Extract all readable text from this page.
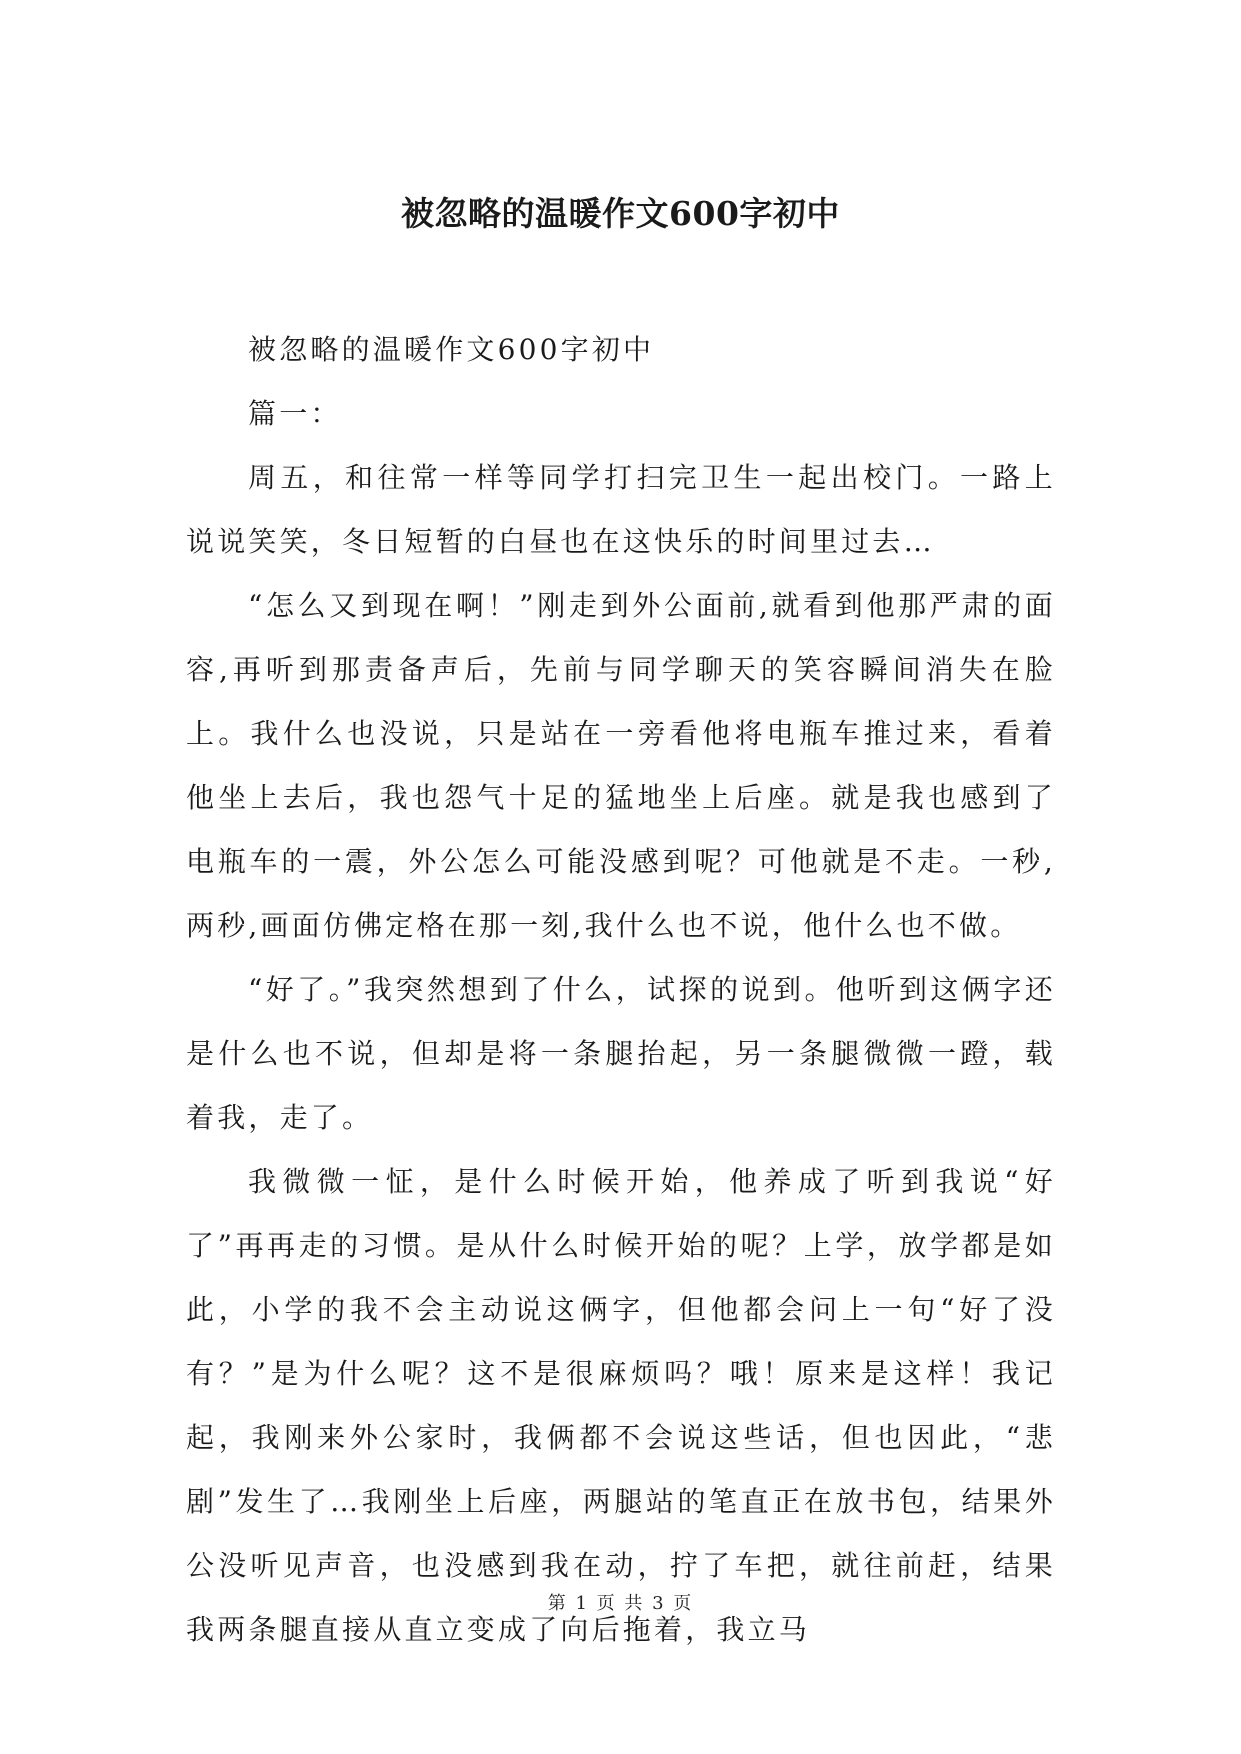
被忽略的温暖作文600字初中

被忽略的温暖作文600字初中

篇一：

周五，和往常一样等同学打扫完卫生一起出校门。一路上说说笑笑，冬日短暂的白昼也在这快乐的时间里过去…

“怎么又到现在啊！”刚走到外公面前,就看到他那严肃的面容,再听到那责备声后，先前与同学聊天的笑容瞬间消失在脸上。我什么也没说，只是站在一旁看他将电瓶车推过来，看着他坐上去后，我也怨气十足的猛地坐上后座。就是我也感到了电瓶车的一震，外公怎么可能没感到呢？可他就是不走。一秒,两秒,画面仿佛定格在那一刻,我什么也不说，他什么也不做。

“好了。”我突然想到了什么，试探的说到。他听到这俩字还是什么也不说，但却是将一条腿抬起，另一条腿微微一蹬，载着我，走了。

我微微一怔，是什么时候开始，他养成了听到我说“好了”再再走的习惯。是从什么时候开始的呢？上学，放学都是如此，小学的我不会主动说这俩字，但他都会问上一句“好了没有？”是为什么呢？这不是很麻烦吗？哦！原来是这样！我记起，我刚来外公家时，我俩都不会说这些话，但也因此，“悲剧”发生了…我刚坐上后座，两腿站的笔直正在放书包，结果外公没听见声音，也没感到我在动，拧了车把，就往前赶，结果我两条腿直接从直立变成了向后拖着，我立马

第 1 页 共 3 页
